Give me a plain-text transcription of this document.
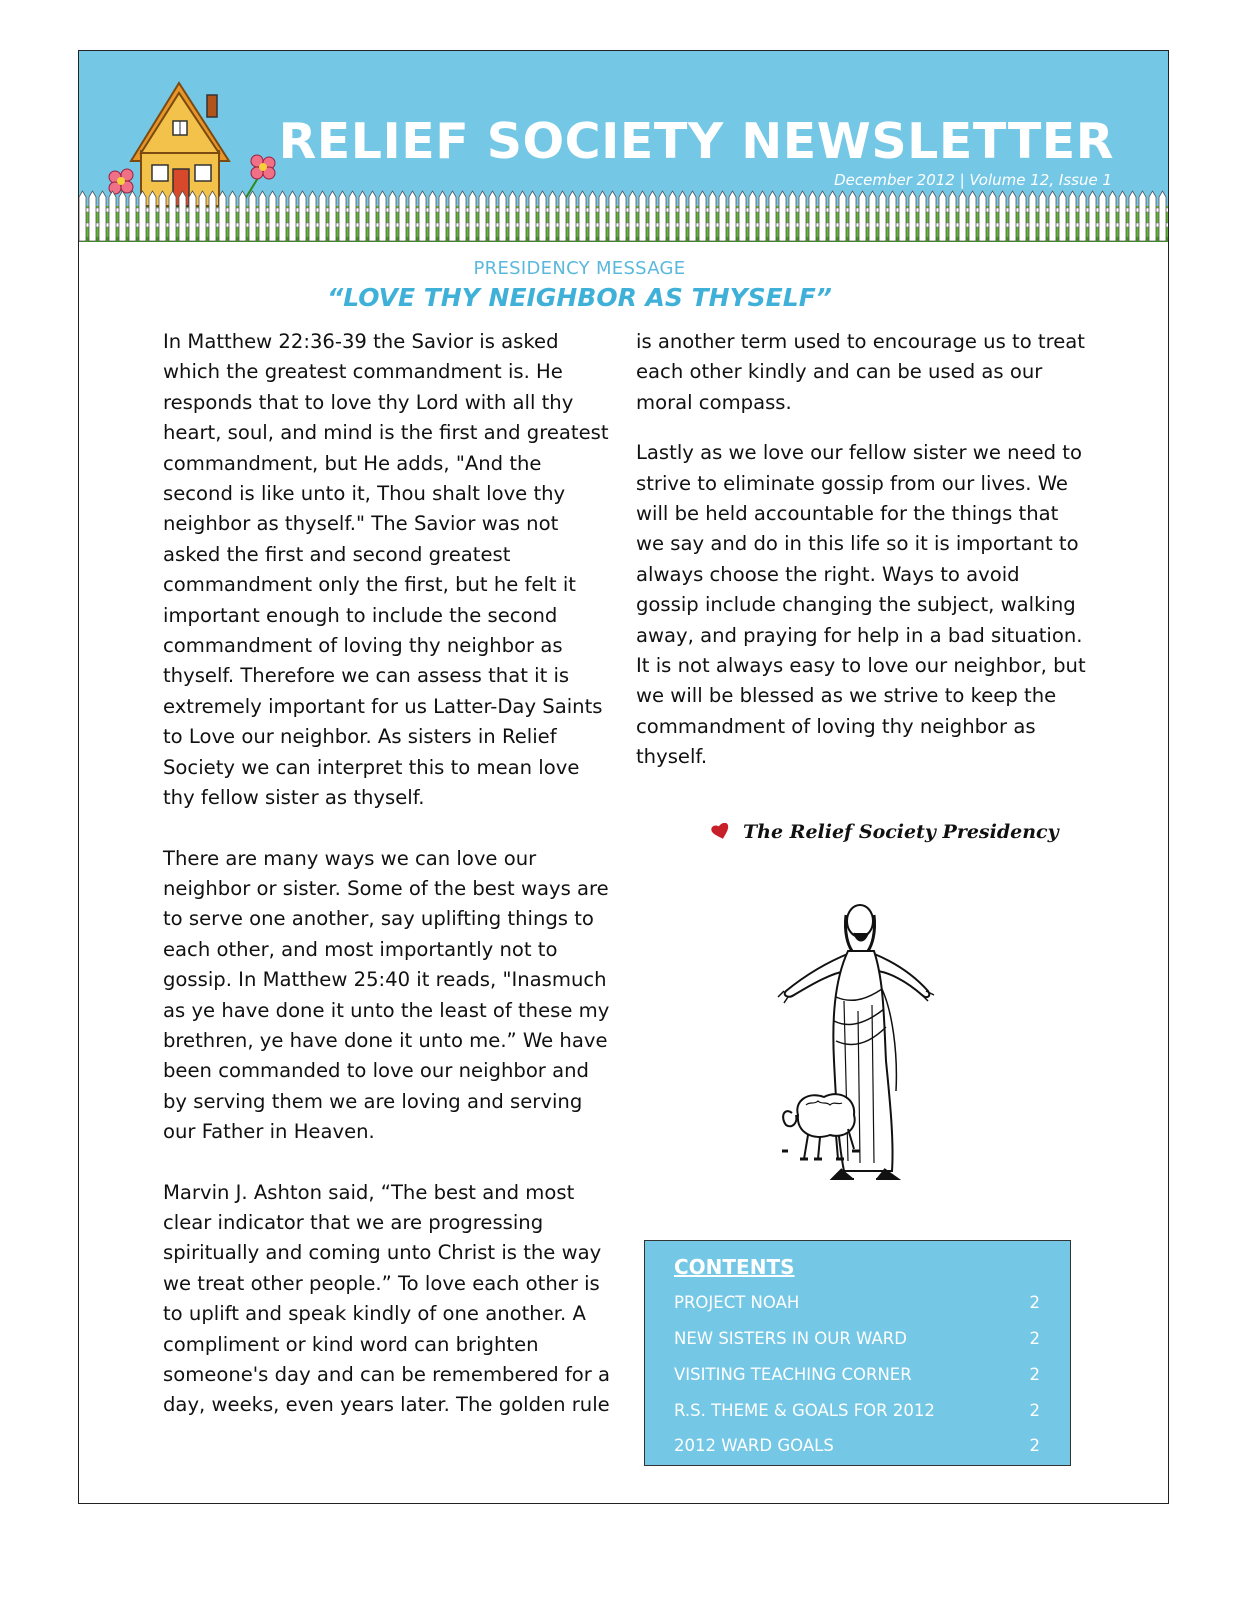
RELIEF SOCIETY NEWSLETTER
December 2012 | Volume 12, Issue 1
PRESIDENCY MESSAGE
“LOVE THY NEIGHBOR AS THYSELF”

In Matthew 22:36-39 the Savior is asked which the greatest commandment is. He responds that to love thy Lord with all thy heart, soul, and mind is the first and greatest commandment, but He adds, "And the second is like unto it, Thou shalt love thy neighbor as thyself." The Savior was not asked the first and second greatest commandment only the first, but he felt it important enough to include the second commandment of loving thy neighbor as thyself. Therefore we can assess that it is extremely important for us Latter-Day Saints to Love our neighbor. As sisters in Relief Society we can interpret this to mean love thy fellow sister as thyself.

There are many ways we can love our neighbor or sister. Some of the best ways are to serve one another, say uplifting things to each other, and most importantly not to gossip. In Matthew 25:40 it reads, "Inasmuch as ye have done it unto the least of these my brethren, ye have done it unto me.” We have been commanded to love our neighbor and by serving them we are loving and serving our Father in Heaven.

Marvin J. Ashton said, “The best and most clear indicator that we are progressing spiritually and coming unto Christ is the way we treat other people.” To love each other is to uplift and speak kindly of one another. A compliment or kind word can brighten someone's day and can be remembered for a day, weeks, even years later. The golden rule

is another term used to encourage us to treat each other kindly and can be used as our moral compass.

Lastly as we love our fellow sister we need to strive to eliminate gossip from our lives. We will be held accountable for the things that we say and do in this life so it is important to always choose the right. Ways to avoid gossip include changing the subject, walking away, and praying for help in a bad situation. It is not always easy to love our neighbor, but we will be blessed as we strive to keep the commandment of loving thy neighbor as thyself.

The Relief Society Presidency
CONTENTS
PROJECT NOAH	2
NEW SISTERS IN OUR WARD	2
VISITING TEACHING CORNER	2
R.S. THEME & GOALS FOR 2012	2
2012 WARD GOALS	2
